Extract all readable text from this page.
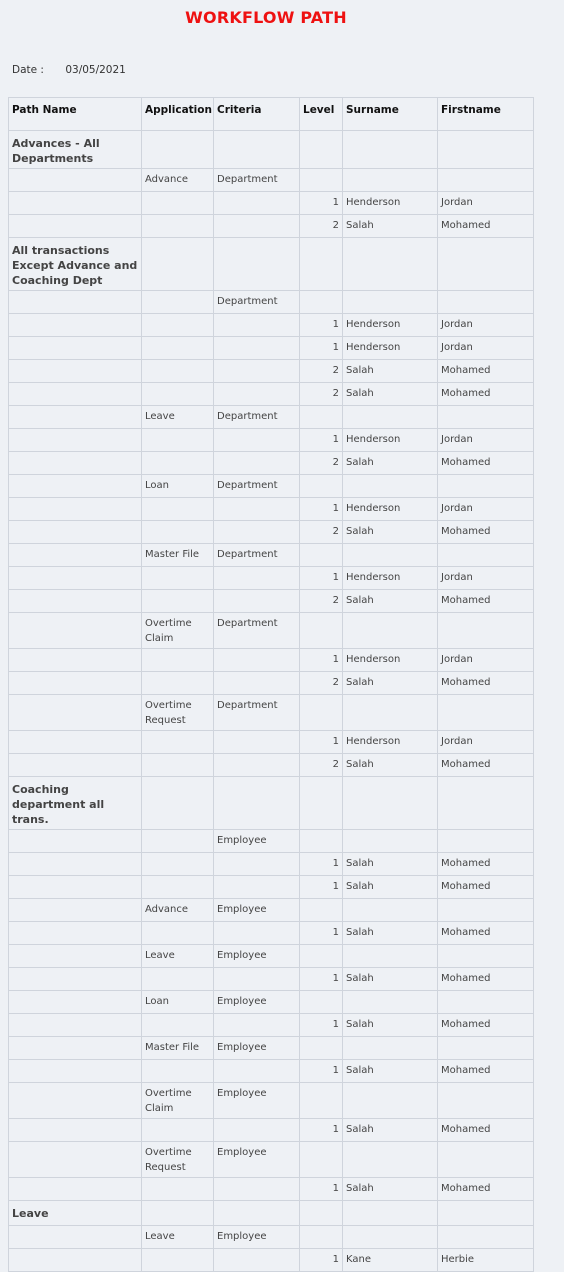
WORKFLOW PATH
Date : 03/05/2021
Path Name	Application	Criteria	Level	Surname	Firstname
Advances - All Departments					
	Advance	Department			
			1	Henderson	Jordan
			2	Salah	Mohamed
All transactions Except Advance and Coaching Dept					
		Department			
			1	Henderson	Jordan
			1	Henderson	Jordan
			2	Salah	Mohamed
			2	Salah	Mohamed
	Leave	Department			
			1	Henderson	Jordan
			2	Salah	Mohamed
	Loan	Department			
			1	Henderson	Jordan
			2	Salah	Mohamed
	Master File	Department			
			1	Henderson	Jordan
			2	Salah	Mohamed
	Overtime Claim	Department			
			1	Henderson	Jordan
			2	Salah	Mohamed
	Overtime Request	Department			
			1	Henderson	Jordan
			2	Salah	Mohamed
Coaching department all trans.					
		Employee			
			1	Salah	Mohamed
			1	Salah	Mohamed
	Advance	Employee			
			1	Salah	Mohamed
	Leave	Employee			
			1	Salah	Mohamed
	Loan	Employee			
			1	Salah	Mohamed
	Master File	Employee			
			1	Salah	Mohamed
	Overtime Claim	Employee			
			1	Salah	Mohamed
	Overtime Request	Employee			
			1	Salah	Mohamed
Leave					
	Leave	Employee			
			1	Kane	Herbie
